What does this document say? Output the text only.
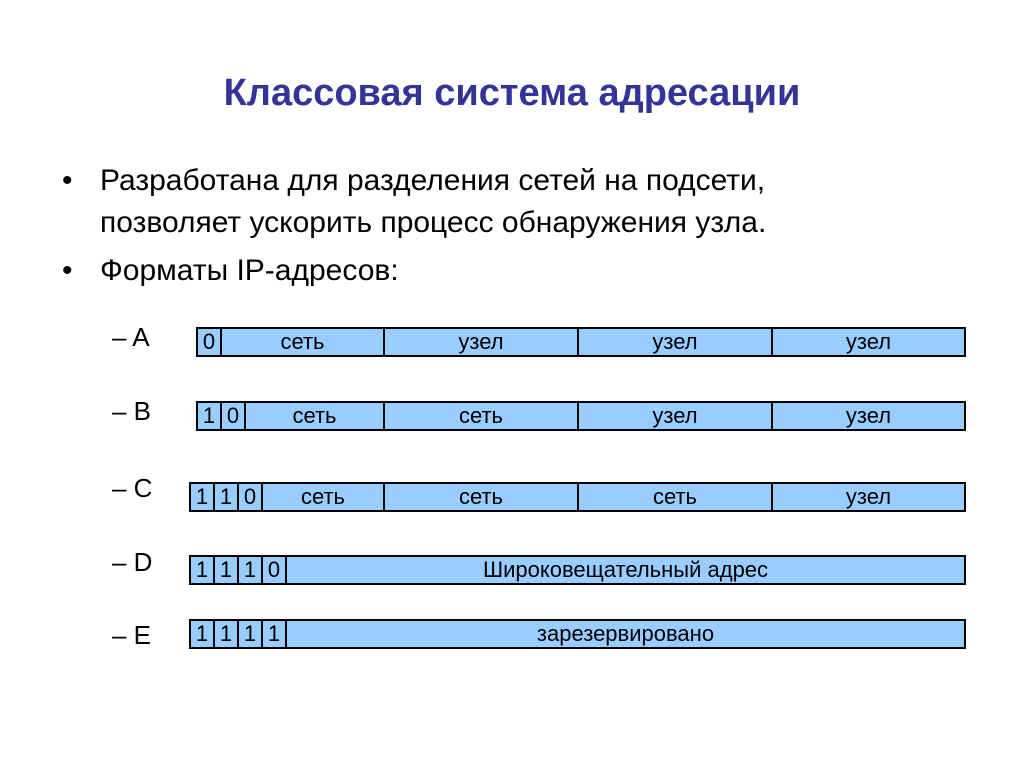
Классовая система адресации
• Разработана для разделения сетей на подсети,
позволяет ускорить процесс обнаружения узла.
• Форматы IP-адресов:
– A 0	сеть	узел	узел	узел
– B 1 0	сеть	сеть	узел	узел
– C 1 1 0	сеть	сеть	сеть	узел
– D 1 1 1 0	Широковещательный адрес
– E 1 1 1 1	зарезервировано
